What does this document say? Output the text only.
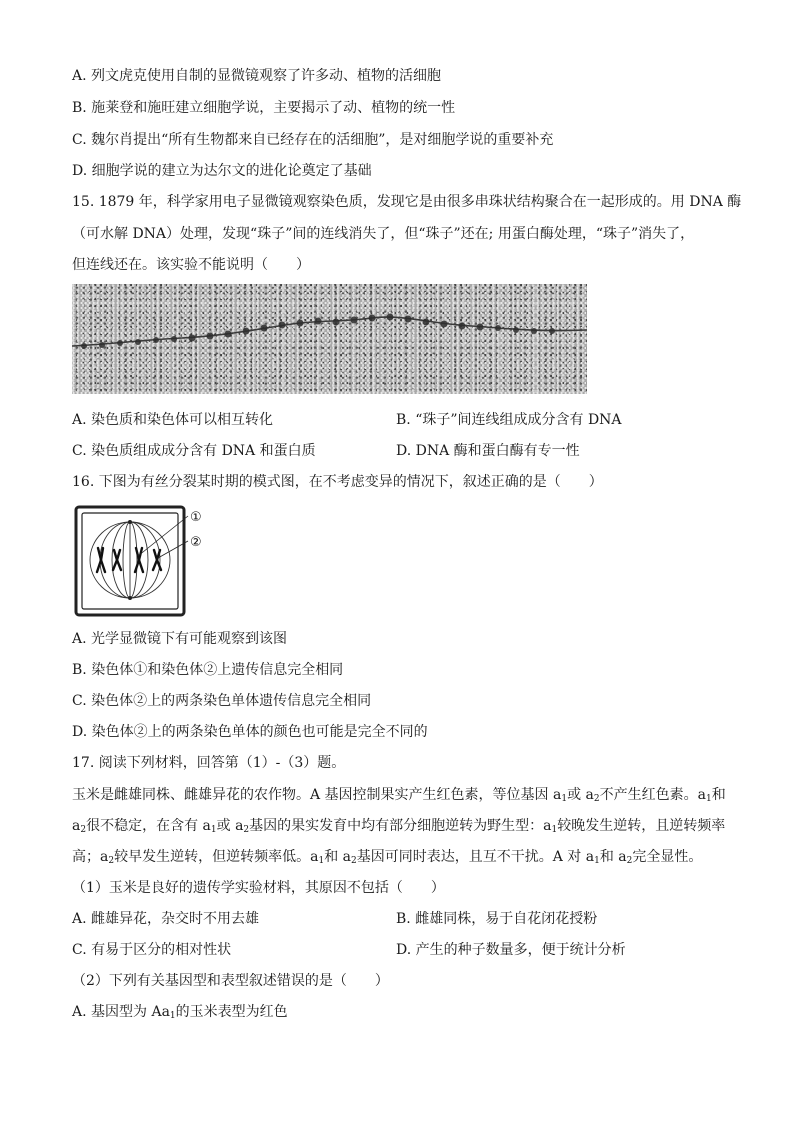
A. 列文虎克使用自制的显微镜观察了许多动、植物的活细胞
B. 施莱登和施旺建立细胞学说，主要揭示了动、植物的统一性
C. 魏尔肖提出“所有生物都来自已经存在的活细胞”，是对细胞学说的重要补充
D. 细胞学说的建立为达尔文的进化论奠定了基础
15. 1879 年，科学家用电子显微镜观察染色质，发现它是由很多串珠状结构聚合在一起形成的。用 DNA 酶
（可水解 DNA）处理，发现“珠子”间的连线消失了，但“珠子”还在; 用蛋白酶处理，“珠子”消失了，
但连线还在。该实验不能说明（　　）
A. 染色质和染色体可以相互转化	B. “珠子”间连线组成成分含有 DNA
C. 染色质组成成分含有 DNA 和蛋白质	D. DNA 酶和蛋白酶有专一性
16. 下图为有丝分裂某时期的模式图，在不考虑变异的情况下，叙述正确的是（　　）
①
②
A. 光学显微镜下有可能观察到该图
B. 染色体①和染色体②上遗传信息完全相同
C. 染色体②上的两条染色单体遗传信息完全相同
D. 染色体②上的两条染色单体的颜色也可能是完全不同的
17. 阅读下列材料，回答第（1）-（3）题。
玉米是雌雄同株、雌雄异花的农作物。A 基因控制果实产生红色素，等位基因 $a_1$或 $a_2$不产生红色素。$a_1$和
$a_2$很不稳定，在含有 $a_1$或 $a_2$基因的果实发育中均有部分细胞逆转为野生型：$a_1$较晚发生逆转，且逆转频率
高；$a_2$较早发生逆转，但逆转频率低。$a_1$和 $a_2$基因可同时表达，且互不干扰。A 对 $a_1$和 $a_2$完全显性。
（1）玉米是良好的遗传学实验材料，其原因不包括（　　）
A. 雌雄异花，杂交时不用去雄	B. 雌雄同株，易于自花闭花授粉
C. 有易于区分的相对性状	D. 产生的种子数量多，便于统计分析
（2）下列有关基因型和表型叙述错误的是（　　）
A. 基因型为 $Aa_1$的玉米表型为红色
